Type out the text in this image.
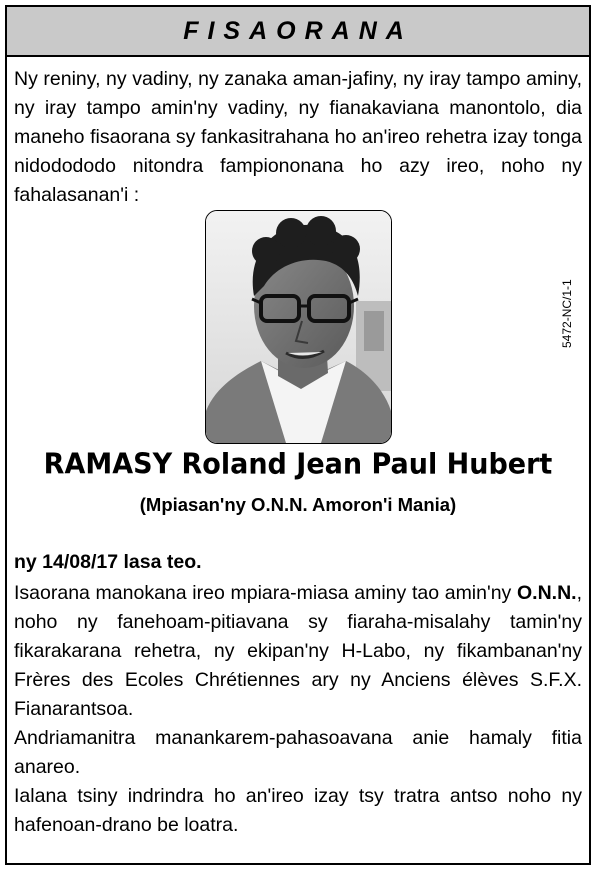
FISAORANA

Ny reniny, ny vadiny, ny zanaka aman-jafiny, ny iray tampo aminy, ny iray tampo amin'ny vadiny, ny fianakaviana manontolo, dia maneho fisaorana sy fankasitrahana ho an'ireo rehetra izay tonga nidodododo nitondra fampiononana ho azy ireo, noho ny fahalasanan'i :

RAMASY Roland Jean Paul Hubert
(Mpiasan'ny O.N.N. Amoron'i Mania)
ny 14/08/17 lasa teo.

Isaorana manokana ireo mpiara-miasa aminy tao amin'ny O.N.N., noho ny fanehoam-pitiavana sy fiaraha-misalahy tamin'ny fikarakarana rehetra, ny ekipan'ny H-Labo, ny fikambanan'ny Frères des Ecoles Chrétiennes ary ny Anciens élèves S.F.X. Fianarantsoa.

Andriamanitra manankarem-pahasoavana anie hamaly fitia anareo.

Ialana tsiny indrindra ho an'ireo izay tsy tratra antso noho ny hafenoan-drano be loatra.

5472-NC/1-1
